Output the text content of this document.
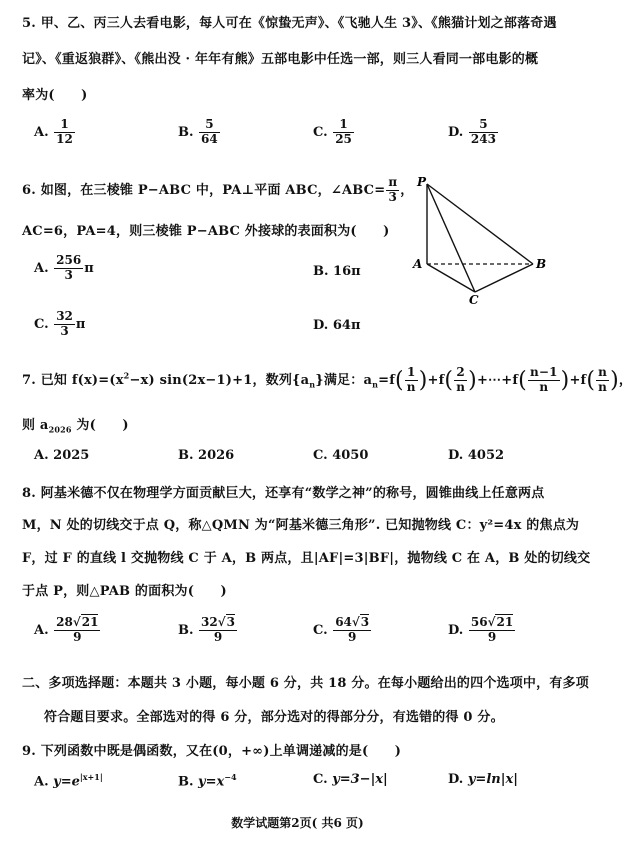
5. 甲、乙、丙三人去看电影，每人可在《惊蛰无声》、《飞驰人生 3》、《熊猫计划之部落奇遇
记》、《重返狼群》、《熊出没 · 年年有熊》五部电影中任选一部，则三人看同一部电影的概
率为(　　)
A. $\frac{1}{12}$	B. $\frac{5}{64}$	C. $\frac{1}{25}$	D. $\frac{5}{243}$
6. 如图，在三棱锥 P−ABC 中，PA⊥平面 ABC，∠ABC= $\frac{\pi}{3}$ ，
AC=6，PA=4，则三棱锥 P−ABC 外接球的表面积为(　　)
A. $\frac{256}{3}$ π	B. 16π
C. $\frac{32}{3}$ π	D. 64π
P
A	B
C
7. 已知 $f(x)=(x^2-x)$ sin(2x−1)+1，数列$\{a_n\}$满足：$a_n=f( \frac{1}{n} )+f( \frac{2}{n}$ )+⋯+f( $\frac{n-1}{n} )+f( \frac{n}{n}$ )，
则 $a_{2026}$ 为(　　)
A. 2025	B. 2026	C. 4050	D. 4052
8. 阿基米德不仅在物理学方面贡献巨大，还享有“数学之神”的称号，圆锥曲线上任意两点
M，N 处的切线交于点 Q，称△QMN 为“阿基米德三角形”. 已知抛物线 C：y²=4x 的焦点为
F，过 F 的直线 l 交抛物线 C 于 A，B 两点，且|AF|=3|BF|，抛物线 C 在 A，B 处的切线交
于点 P，则△PAB 的面积为(　　)
A. $\frac{28√21}{9}$	B. $\frac{32√3}{9}$	C. $\frac{64√3}{9}$	D. $\frac{56√21}{9}$
二、多项选择题：本题共 3 小题，每小题 6 分，共 18 分。在每小题给出的四个选项中，有多项
符合题目要求。全部选对的得 6 分，部分选对的得部分分，有选错的得 0 分。
9. 下列函数中既是偶函数，又在(0，+∞)上单调递减的是(　　)
A. $y=e^{|x+1|}$	B. $y=x^{-4}$	C. y=3−|x|	D. y=ln|x|
数学试题第2页( 共6 页)
